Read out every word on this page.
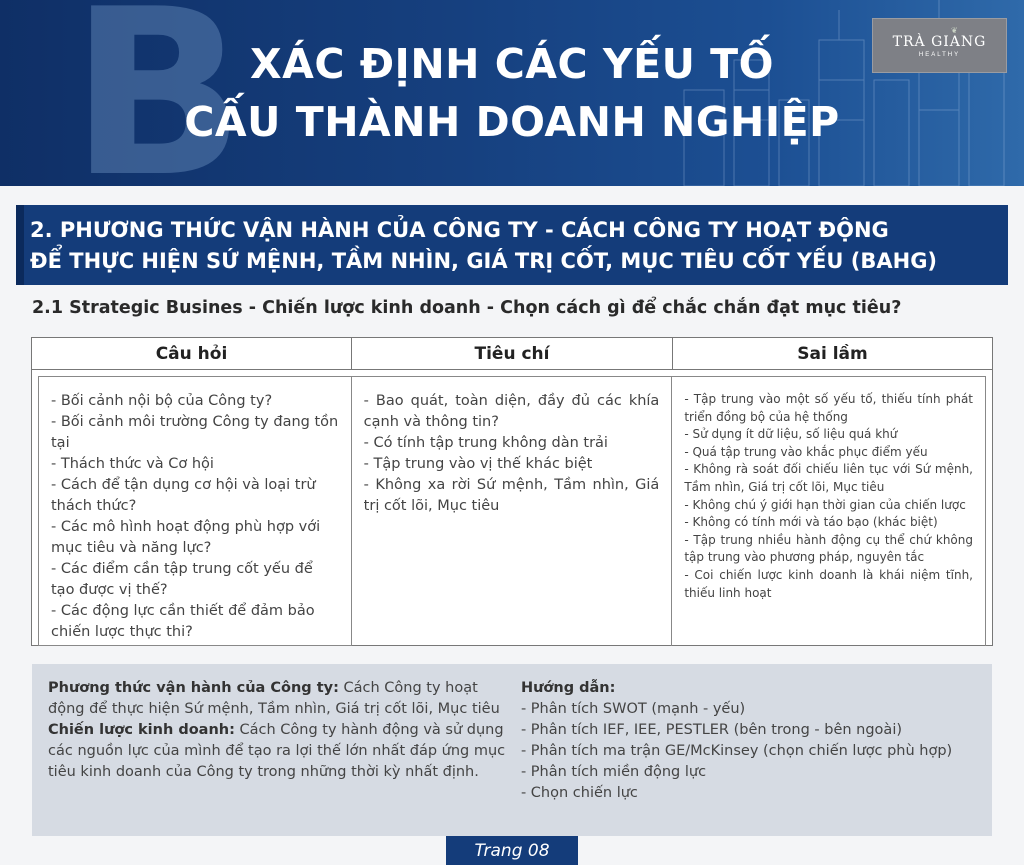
B XÁC ĐỊNH CÁC YẾU TỐ
CẤU THÀNH DOANH NGHIỆP
❦
TRÀ GIANG
HEALTHY
2. PHƯƠNG THỨC VẬN HÀNH CỦA CÔNG TY - CÁCH CÔNG TY HOẠT ĐỘNG
ĐỂ THỰC HIỆN SỨ MỆNH, TẦM NHÌN, GIÁ TRỊ CỐT, MỤC TIÊU CỐT YẾU (BAHG)
2.1 Strategic Busines - Chiến lược kinh doanh - Chọn cách gì để chắc chắn đạt mục tiêu?
Câu hỏi	Tiêu chí	Sai lầm
- Bối cảnh nội bộ của Công ty?
- Bối cảnh môi trường Công ty đang tồn tại
- Thách thức và Cơ hội
- Cách để tận dụng cơ hội và loại trừ thách thức?
- Các mô hình hoạt động phù hợp với mục tiêu và năng lực?
- Các điểm cần tập trung cốt yếu để tạo được vị thế?
- Các động lực cần thiết để đảm bảo chiến lược thực thi?
- Bao quát, toàn diện, đầy đủ các khía cạnh và thông tin?
- Có tính tập trung không dàn trải
- Tập trung vào vị thế khác biệt
- Không xa rời Sứ mệnh, Tầm nhìn, Giá trị cốt lõi, Mục tiêu
- Tập trung vào một số yếu tố, thiếu tính phát triển đồng bộ của hệ thống
- Sử dụng ít dữ liệu, số liệu quá khứ
- Quá tập trung vào khắc phục điểm yếu
- Không rà soát đối chiếu liên tục với Sứ mệnh, Tầm nhìn, Giá trị cốt lõi, Mục tiêu
- Không chú ý giới hạn thời gian của chiến lược
- Không có tính mới và táo bạo (khác biệt)
- Tập trung nhiều hành động cụ thể chứ không tập trung vào phương pháp, nguyên tắc
- Coi chiến lược kinh doanh là khái niệm tĩnh, thiếu linh hoạt
Phương thức vận hành của Công ty: Cách Công ty hoạt động để thực hiện Sứ mệnh, Tầm nhìn, Giá trị cốt lõi, Mục tiêu
Chiến lược kinh doanh: Cách Công ty hành động và sử dụng các nguồn lực của mình để tạo ra lợi thế lớn nhất đáp ứng mục tiêu kinh doanh của Công ty trong những thời kỳ nhất định.
Hướng dẫn:
- Phân tích SWOT (mạnh - yếu)
- Phân tích IEF, IEE, PESTLER (bên trong - bên ngoài)
- Phân tích ma trận GE/McKinsey (chọn chiến lược phù hợp)
- Phân tích miền động lực
- Chọn chiến lực
Trang 08
